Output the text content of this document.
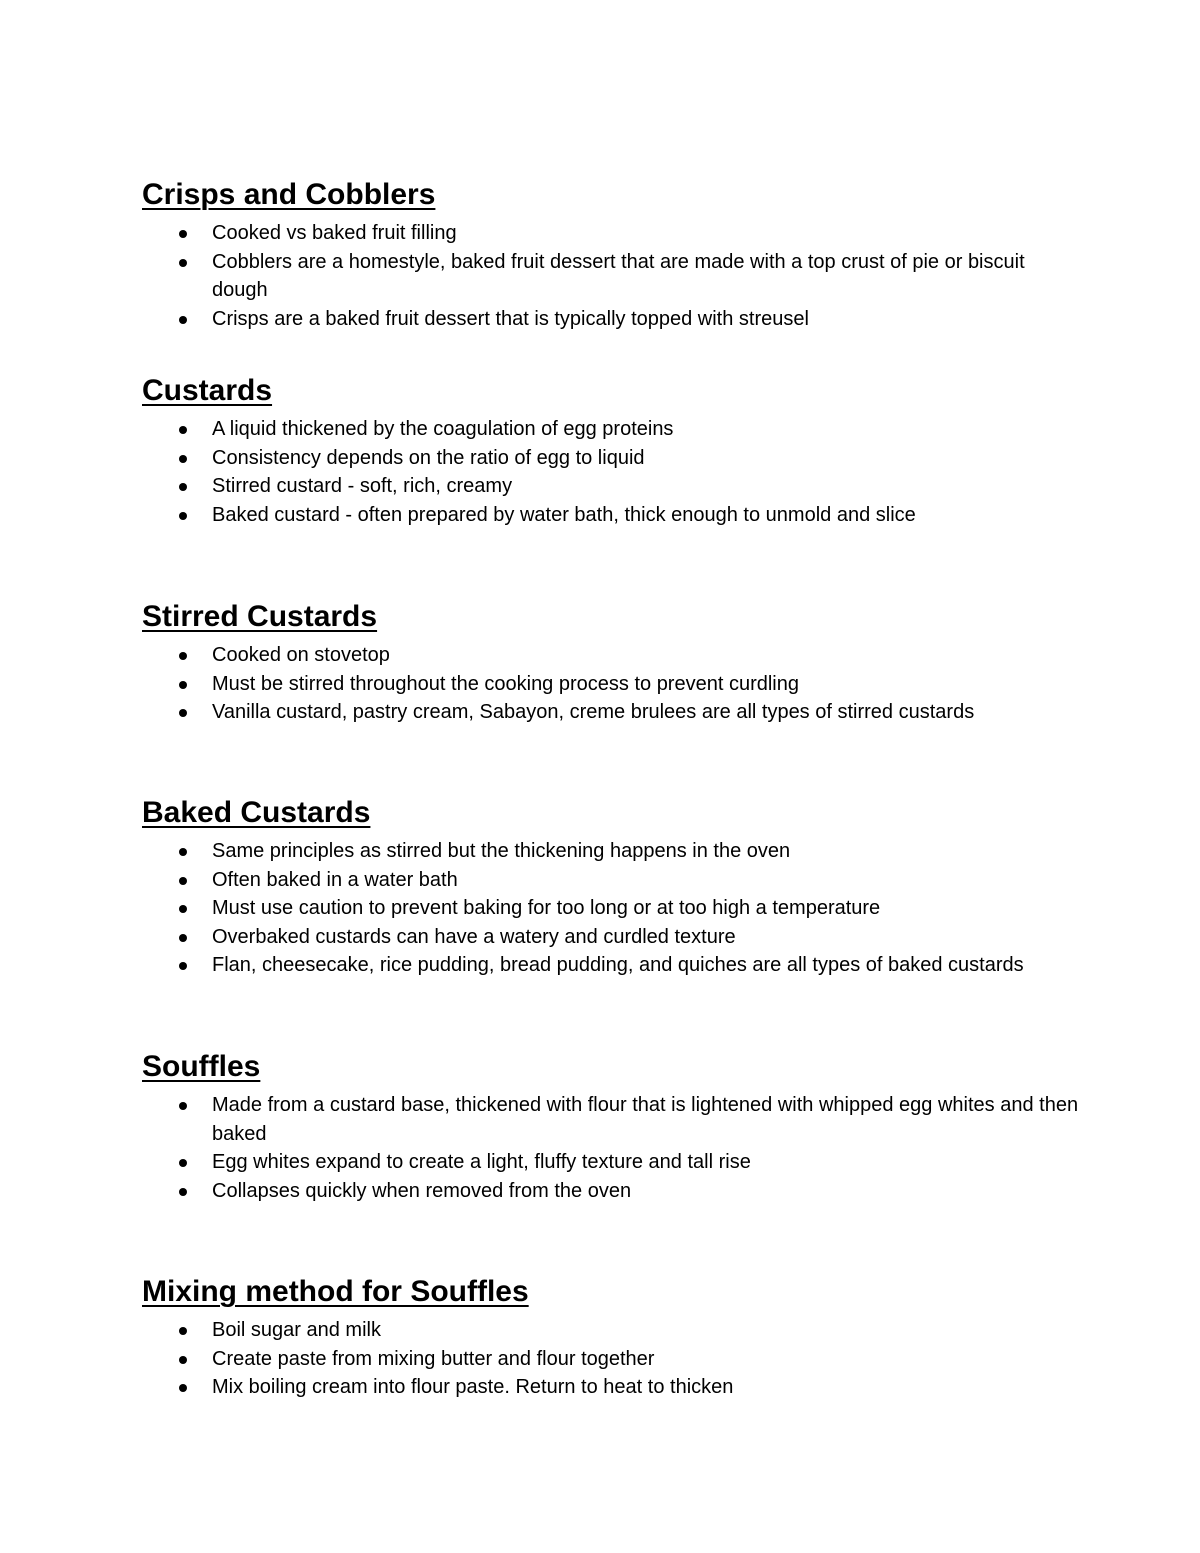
Crisps and Cobblers
Cooked vs baked fruit filling
Cobblers are a homestyle, baked fruit dessert that are made with a top crust of pie or biscuit dough
Crisps are a baked fruit dessert that is typically topped with streusel
Custards
A liquid thickened by the coagulation of egg proteins
Consistency depends on the ratio of egg to liquid
Stirred custard - soft, rich, creamy
Baked custard - often prepared by water bath, thick enough to unmold and slice
Stirred Custards
Cooked on stovetop
Must be stirred throughout the cooking process to prevent curdling
Vanilla custard, pastry cream, Sabayon, creme brulees are all types of stirred custards
Baked Custards
Same principles as stirred but the thickening happens in the oven
Often baked in a water bath
Must use caution to prevent baking for too long or at too high a temperature
Overbaked custards can have a watery and curdled texture
Flan, cheesecake, rice pudding, bread pudding, and quiches are all types of baked custards
Souffles
Made from a custard base, thickened with flour that is lightened with whipped egg whites and then baked
Egg whites expand to create a light, fluffy texture and tall rise
Collapses quickly when removed from the oven
Mixing method for Souffles
Boil sugar and milk
Create paste from mixing butter and flour together
Mix boiling cream into flour paste. Return to heat to thicken
